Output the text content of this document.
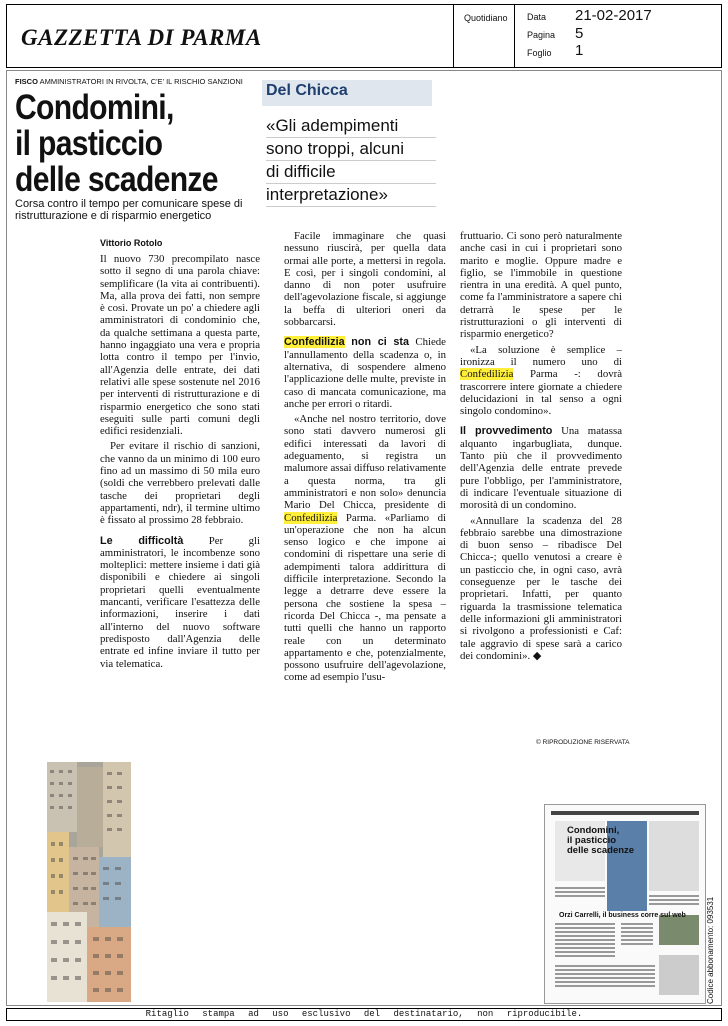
GAZZETTA DI PARMA
Quotidiano Data 21-02-2017
Pagina 5
Foglio 1
FISCO AMMINISTRATORI IN RIVOLTA, C'E' IL RISCHIO SANZIONI
Condomini,
il pasticcio
delle scadenze
Corsa contro il tempo per comunicare spese di ristrutturazione e di risparmio energetico
Del Chicca
«Gli adempimenti
sono troppi, alcuni
di difficile
interpretazione»
Vittorio Rotolo

Il nuovo 730 precompilato nasce sotto il segno di una parola chiave: semplificare (la vita ai contribuenti). Ma, alla prova dei fatti, non sempre è così. Provate un po' a chiedere agli amministratori di condominio che, da qualche settimana a questa parte, hanno ingaggiato una vera e propria lotta contro il tempo per l'invio, all'Agenzia delle entrate, dei dati relativi alle spese sostenute nel 2016 per interventi di ristrutturazione e di risparmio energetico che sono stati eseguiti sulle parti comuni degli edifici residenziali.

Per evitare il rischio di sanzioni, che vanno da un minimo di 100 euro fino ad un massimo di 50 mila euro (soldi che verrebbero prelevati dalle tasche dei proprietari degli appartamenti, ndr), il termine ultimo è fissato al prossimo 28 febbraio.

Le difficoltà Per gli amministratori, le incombenze sono molteplici: mettere insieme i dati già disponibili e chiedere ai singoli proprietari quelli eventualmente mancanti, verificare l'esattezza delle informazioni, inserire i dati all'interno del nuovo software predisposto dall'Agenzia delle entrate ed infine inviare il tutto per via telematica.

Facile immaginare che quasi nessuno riuscirà, per quella data ormai alle porte, a mettersi in regola. E così, per i singoli condomini, al danno di non poter usufruire dell'agevolazione fiscale, si aggiunge la beffa di ulteriori oneri da sobbarcarsi.

Confedilizia non ci sta Chiede l'annullamento della scadenza o, in alternativa, di sospendere almeno l'applicazione delle multe, previste in caso di mancata comunicazione, ma anche per errori o ritardi.

«Anche nel nostro territorio, dove sono stati davvero numerosi gli edifici interessati da lavori di adeguamento, si registra un malumore assai diffuso relativamente a questa norma, tra gli amministratori e non solo» denuncia Mario Del Chicca, presidente di Confedilizia Parma. «Parliamo di un'operazione che non ha alcun senso logico e che impone ai condomini di rispettare una serie di adempimenti talora addirittura di difficile interpretazione. Secondo la legge a detrarre deve essere la persona che sostiene la spesa – ricorda Del Chicca -, ma pensate a tutti quelli che hanno un rapporto reale con un determinato appartamento e che, potenzialmente, possono usufruire dell'agevolazione, come ad esempio l'usu-

fruttuario. Ci sono però naturalmente anche casi in cui i proprietari sono marito e moglie. Oppure madre e figlio, se l'immobile in questione rientra in una eredità. A quel punto, come fa l'amministratore a sapere chi detrarrà le spese per le ristrutturazioni o gli interventi di risparmio energetico?

«La soluzione è semplice – ironizza il numero uno di Confedilizia Parma -: dovrà trascorrere intere giornate a chiedere delucidazioni in tal senso a ogni singolo condomino».

Il provvedimento Una matassa alquanto ingarbugliata, dunque. Tanto più che il provvedimento dell'Agenzia delle entrate prevede pure l'obbligo, per l'amministratore, di indicare l'eventuale situazione di morosità di un condomino.

«Annullare la scadenza del 28 febbraio sarebbe una dimostrazione di buon senso – ribadisce Del Chicca-; quello venutosi a creare è un pasticcio che, in ogni caso, avrà conseguenze per le tasche dei proprietari. Infatti, per quanto riguarda la trasmissione telematica delle informazioni gli amministratori si rivolgono a professionisti e Caf: tale aggravio di spese sarà a carico dei condomini». ◆

© RIPRODUZIONE RISERVATA
Condomini,
il pasticcio
delle scadenze
Orzi Carrelli, il business corre sul web	Codice abbonamento: 093531
Ritaglio stampa ad uso esclusivo del destinatario, non riproducibile.
